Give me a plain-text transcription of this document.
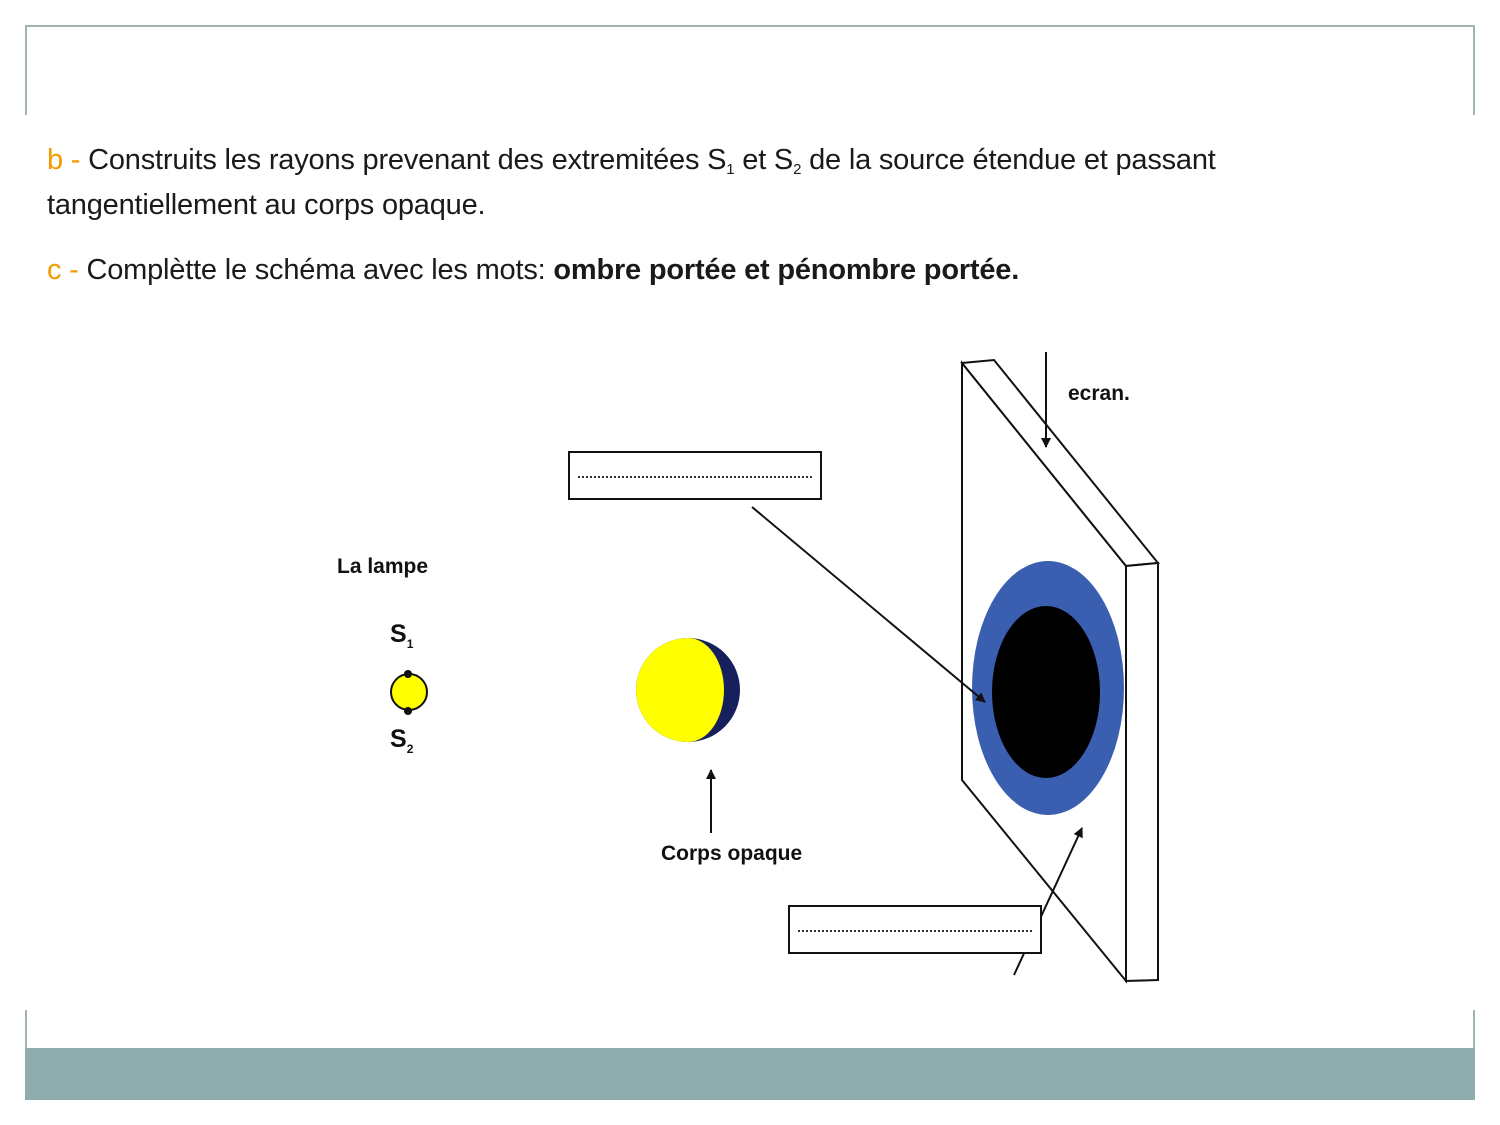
b - Construits les rayons prevenant des extremitées $S_1$ et $S_2$ de la source étendue et passant
tangentiellement au corps opaque.
c - Complètte le schéma avec les mots: ombre portée et pénombre portée.
La lampe
$S_1$
$S_2$
Corps opaque
ecran.
